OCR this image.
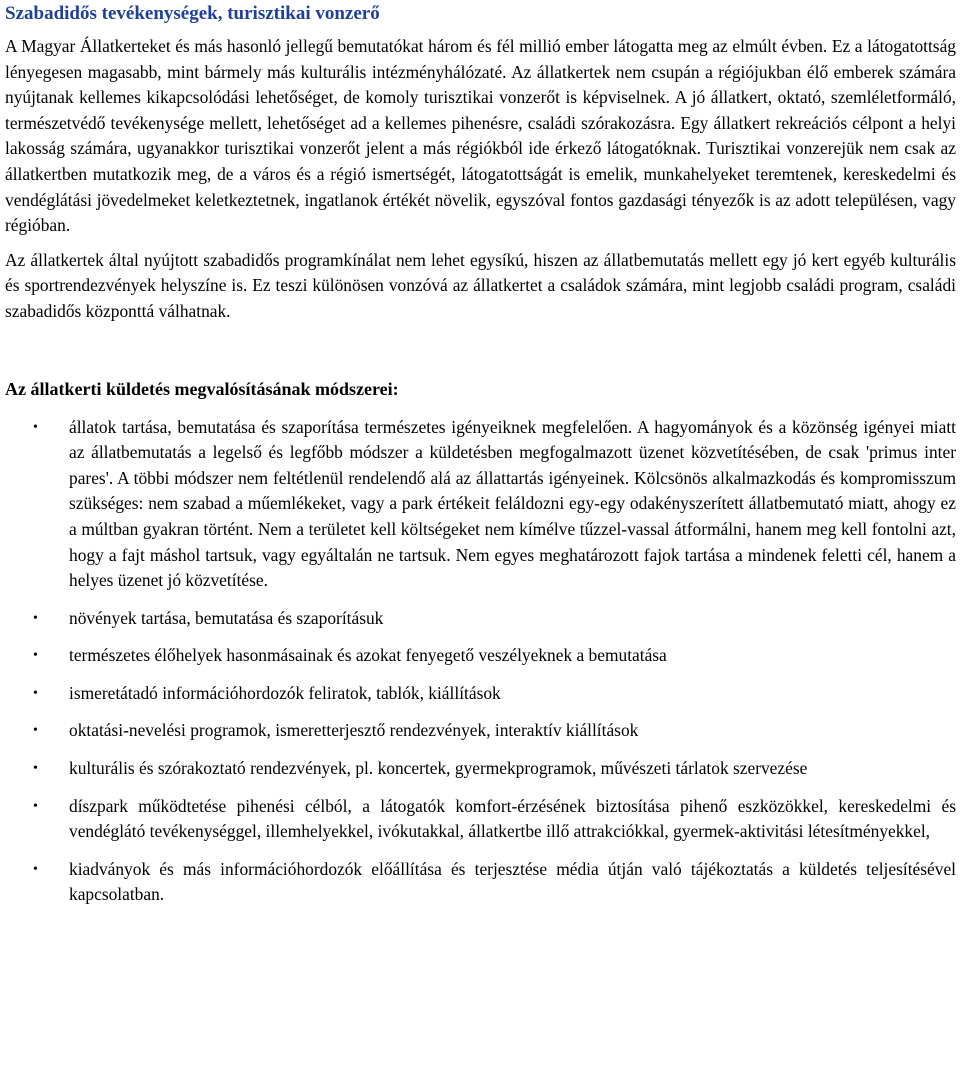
Szabadidős tevékenységek, turisztikai vonzerő

A Magyar Állatkerteket és más hasonló jellegű bemutatókat három és fél millió ember látogatta meg az elmúlt évben. Ez a látogatottság lényegesen magasabb, mint bármely más kulturális intézményhálózaté. Az állatkertek nem csupán a régiójukban élő emberek számára nyújtanak kellemes kikapcsolódási lehetőséget, de komoly turisztikai vonzerőt is képviselnek. A jó állatkert, oktató, szemléletformáló, természetvédő tevékenysége mellett, lehetőséget ad a kellemes pihenésre, családi szórakozásra. Egy állatkert rekreációs célpont a helyi lakosság számára, ugyanakkor turisztikai vonzerőt jelent a más régiókból ide érkező látogatóknak. Turisztikai vonzerejük nem csak az állatkertben mutatkozik meg, de a város és a régió ismertségét, látogatottságát is emelik, munkahelyeket teremtenek, kereskedelmi és vendéglátási jövedelmeket keletkeztetnek, ingatlanok értékét növelik, egyszóval fontos gazdasági tényezők is az adott településen, vagy régióban.

Az állatkertek által nyújtott szabadidős programkínálat nem lehet egysíkú, hiszen az állatbemutatás mellett egy jó kert egyéb kulturális és sportrendezvények helyszíne is. Ez teszi különösen vonzóvá az állatkertet a családok számára, mint legjobb családi program, családi szabadidős központtá válhatnak.

Az állatkerti küldetés megvalósításának módszerei:
• állatok tartása, bemutatása és szaporítása természetes igényeiknek megfelelően. A hagyományok és a közönség igényei miatt az állatbemutatás a legelső és legfőbb módszer a küldetésben megfogalmazott üzenet közvetítésében, de csak 'primus inter pares'. A többi módszer nem feltétlenül rendelendő alá az állattartás igényeinek. Kölcsönös alkalmazkodás és kompromisszum szükséges: nem szabad a műemlékeket, vagy a park értékeit feláldozni egy-egy odakényszerített állatbemutató miatt, ahogy ez a múltban gyakran történt. Nem a területet kell költségeket nem kímélve tűzzel-vassal átformálni, hanem meg kell fontolni azt, hogy a fajt máshol tartsuk, vagy egyáltalán ne tartsuk. Nem egyes meghatározott fajok tartása a mindenek feletti cél, hanem a helyes üzenet jó közvetítése.
• növények tartása, bemutatása és szaporításuk
• természetes élőhelyek hasonmásainak és azokat fenyegető veszélyeknek a bemutatása
• ismeretátadó információhordozók feliratok, tablók, kiállítások
• oktatási-nevelési programok, ismeretterjesztő rendezvények, interaktív kiállítások
• kulturális és szórakoztató rendezvények, pl. koncertek, gyermekprogramok, művészeti tárlatok szervezése
• díszpark működtetése pihenési célból, a látogatók komfort-érzésének biztosítása pihenő eszközökkel, kereskedelmi és vendéglátó tevékenységgel, illemhelyekkel, ivókutakkal, állatkertbe illő attrakciókkal, gyermek-aktivitási létesítményekkel,
• kiadványok és más információhordozók előállítása és terjesztése média útján való tájékoztatás a küldetés teljesítésével kapcsolatban.
